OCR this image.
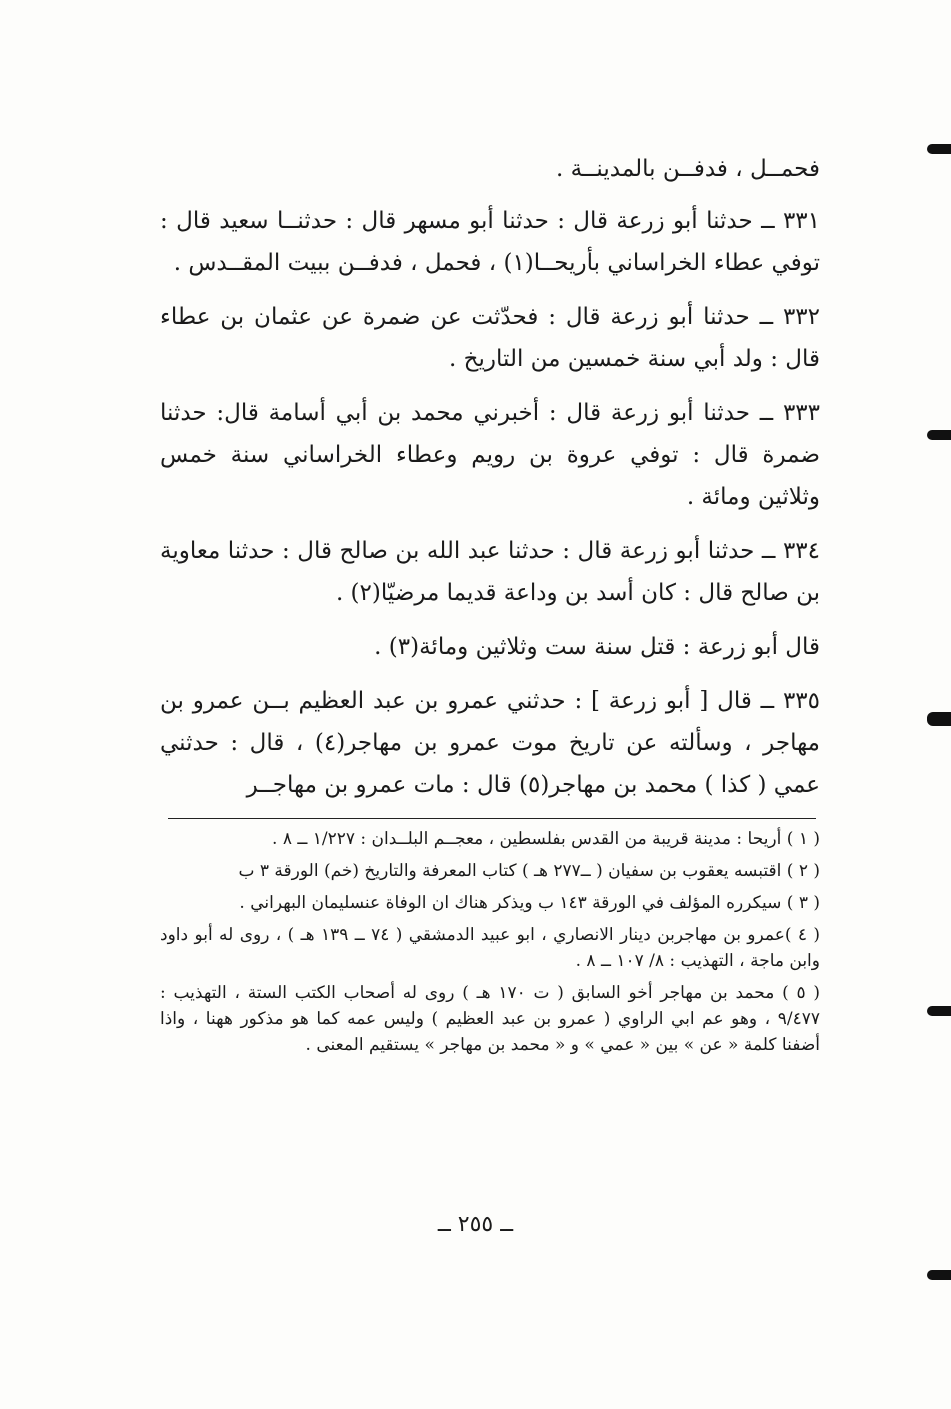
فحمــل ، فدفــن بالمدينــة .

٣٣١ ــ حدثنا أبو زرعة قال : حدثنا أبو مسهر قال : حدثنــا سعيد قال : توفي عطاء الخراساني بأريحــا(١) ، فحمل ، فدفــن ببيت المقــدس .

٣٣٢ ــ حدثنا أبو زرعة قال : فحدّثت عن ضمرة عن عثمان بن عطاء قال : ولد أبي سنة خمسين من التاريخ .

٣٣٣ ــ حدثنا أبو زرعة قال : أخبرني محمد بن أبي أسامة قال: حدثنا ضمرة قال : توفي عروة بن رويم وعطاء الخراساني سنة خمس وثلاثين ومائة .

٣٣٤ ــ حدثنا أبو زرعة قال : حدثنا عبد الله بن صالح قال : حدثنا معاوية بن صالح قال : كان أسد بن وداعة قديما مرضيّا(٢) .

قال أبو زرعة : قتل سنة ست وثلاثين ومائة(٣) .

٣٣٥ ــ قال [ أبو زرعة ] : حدثني عمرو بن عبد العظيم بــن عمرو بن مهاجر ، وسألته عن تاريخ موت عمرو بن مهاجر(٤) ، قال : حدثني عمي ( كذا ) محمد بن مهاجر(٥) قال : مات عمرو بن مهاجــر

( ١ ) أريحا : مدينة قريبة من القدس بفلسطين ، معجــم البلــدان : ١/٢٢٧ ــ ٨ .

( ٢ ) اقتبسه يعقوب بن سفيان ( ــ٢٧٧ هـ ) كتاب المعرفة والتاريخ (خم) الورقة ٣ ب

( ٣ ) سيكرره المؤلف في الورقة ١٤٣ ب ويذكر هناك ان الوفاة عنسليمان البهراني .

( ٤ )عمرو بن مهاجربن دينار الانصاري ، ابو عبيد الدمشقي ( ٧٤ ــ ١٣٩ هـ ) ، روى له أبو داود وابن ماجة ، التهذيب : ٨/ ١٠٧ ــ ٨ .

( ٥ ) محمد بن مهاجر أخو السابق ( ت ١٧٠ هـ ) روى له أصحاب الكتب الستة ، التهذيب : ٩/٤٧٧ ، وهو عم ابي الراوي ( عمرو بن عبد العظيم ) وليس عمه كما هو مذكور ههنا ، واذا أضفنا كلمة « عن » بين « عمي » و « محمد بن مهاجر » يستقيم المعنى .

ــ ٢٥٥ ــ
